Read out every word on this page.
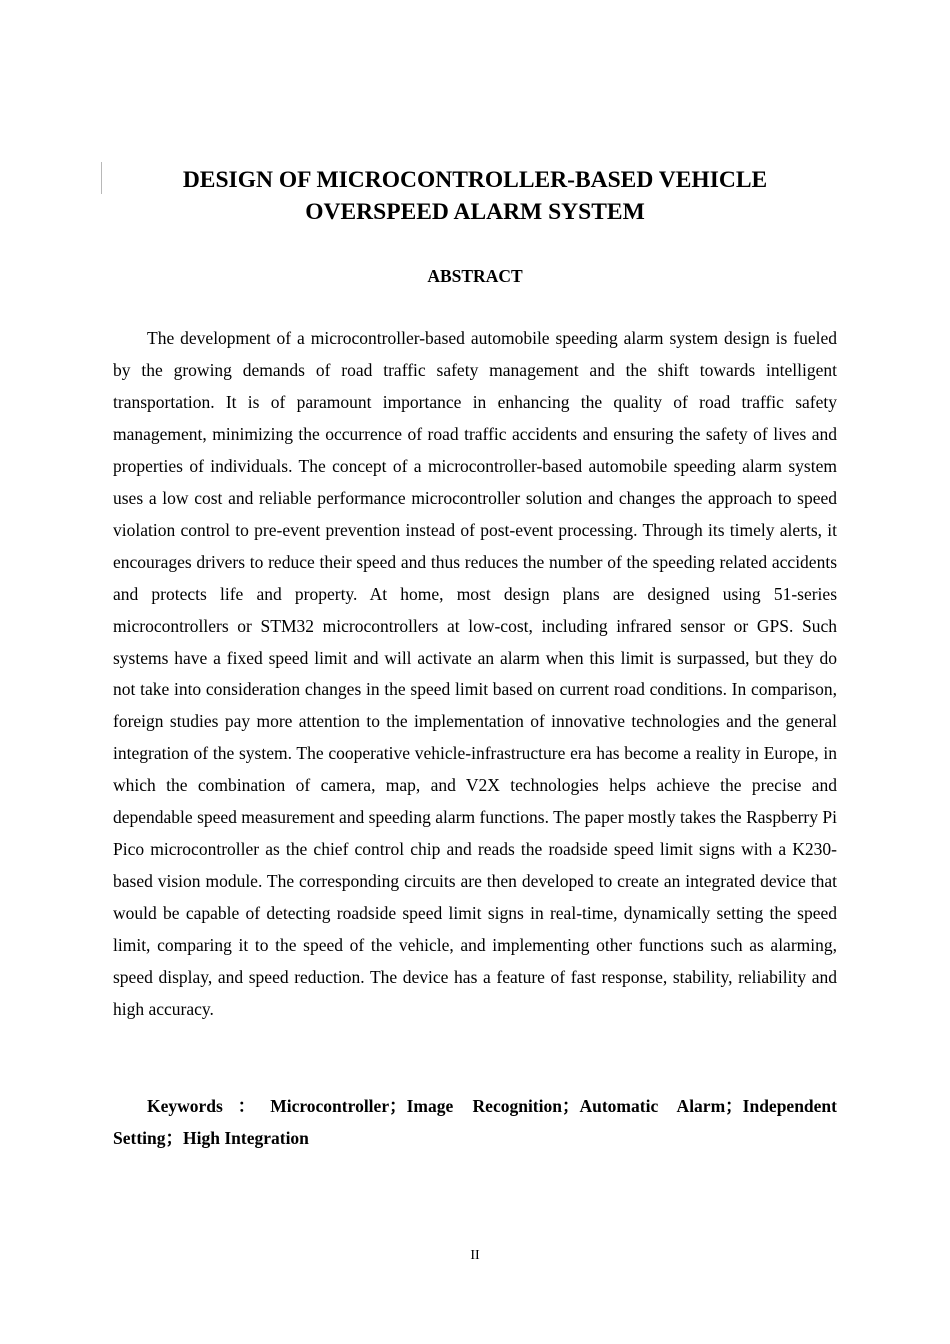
DESIGN OF MICROCONTROLLER-BASED VEHICLE
OVERSPEED ALARM SYSTEM
ABSTRACT

The development of a microcontroller-based automobile speeding alarm system design is fueled by the growing demands of road traffic safety management and the shift towards intelligent transportation. It is of paramount importance in enhancing the quality of road traffic safety management, minimizing the occurrence of road traffic accidents and ensuring the safety of lives and properties of individuals. The concept of a microcontroller-based automobile speeding alarm system uses a low cost and reliable performance microcontroller solution and changes the approach to speed violation control to pre-event prevention instead of post-event processing. Through its timely alerts, it encourages drivers to reduce their speed and thus reduces the number of the speeding related accidents and protects life and property. At home, most design plans are designed using 51-series microcontrollers or STM32 microcontrollers at low-cost, including infrared sensor or GPS. Such systems have a fixed speed limit and will activate an alarm when this limit is surpassed, but they do not take into consideration changes in the speed limit based on current road conditions. In comparison, foreign studies pay more attention to the implementation of innovative technologies and the general integration of the system. The cooperative vehicle-infrastructure era has become a reality in Europe, in which the combination of camera, map, and V2X technologies helps achieve the precise and dependable speed measurement and speeding alarm functions. The paper mostly takes the Raspberry Pi Pico microcontroller as the chief control chip and reads the roadside speed limit signs with a K230-based vision module. The corresponding circuits are then developed to create an integrated device that would be capable of detecting roadside speed limit signs in real-time, dynamically setting the speed limit, comparing it to the speed of the vehicle, and implementing other functions such as alarming, speed display, and speed reduction. The device has a feature of fast response, stability, reliability and high accuracy.

Keywords：Microcontroller；Image Recognition；Automatic Alarm；Independent Setting；High Integration

II
